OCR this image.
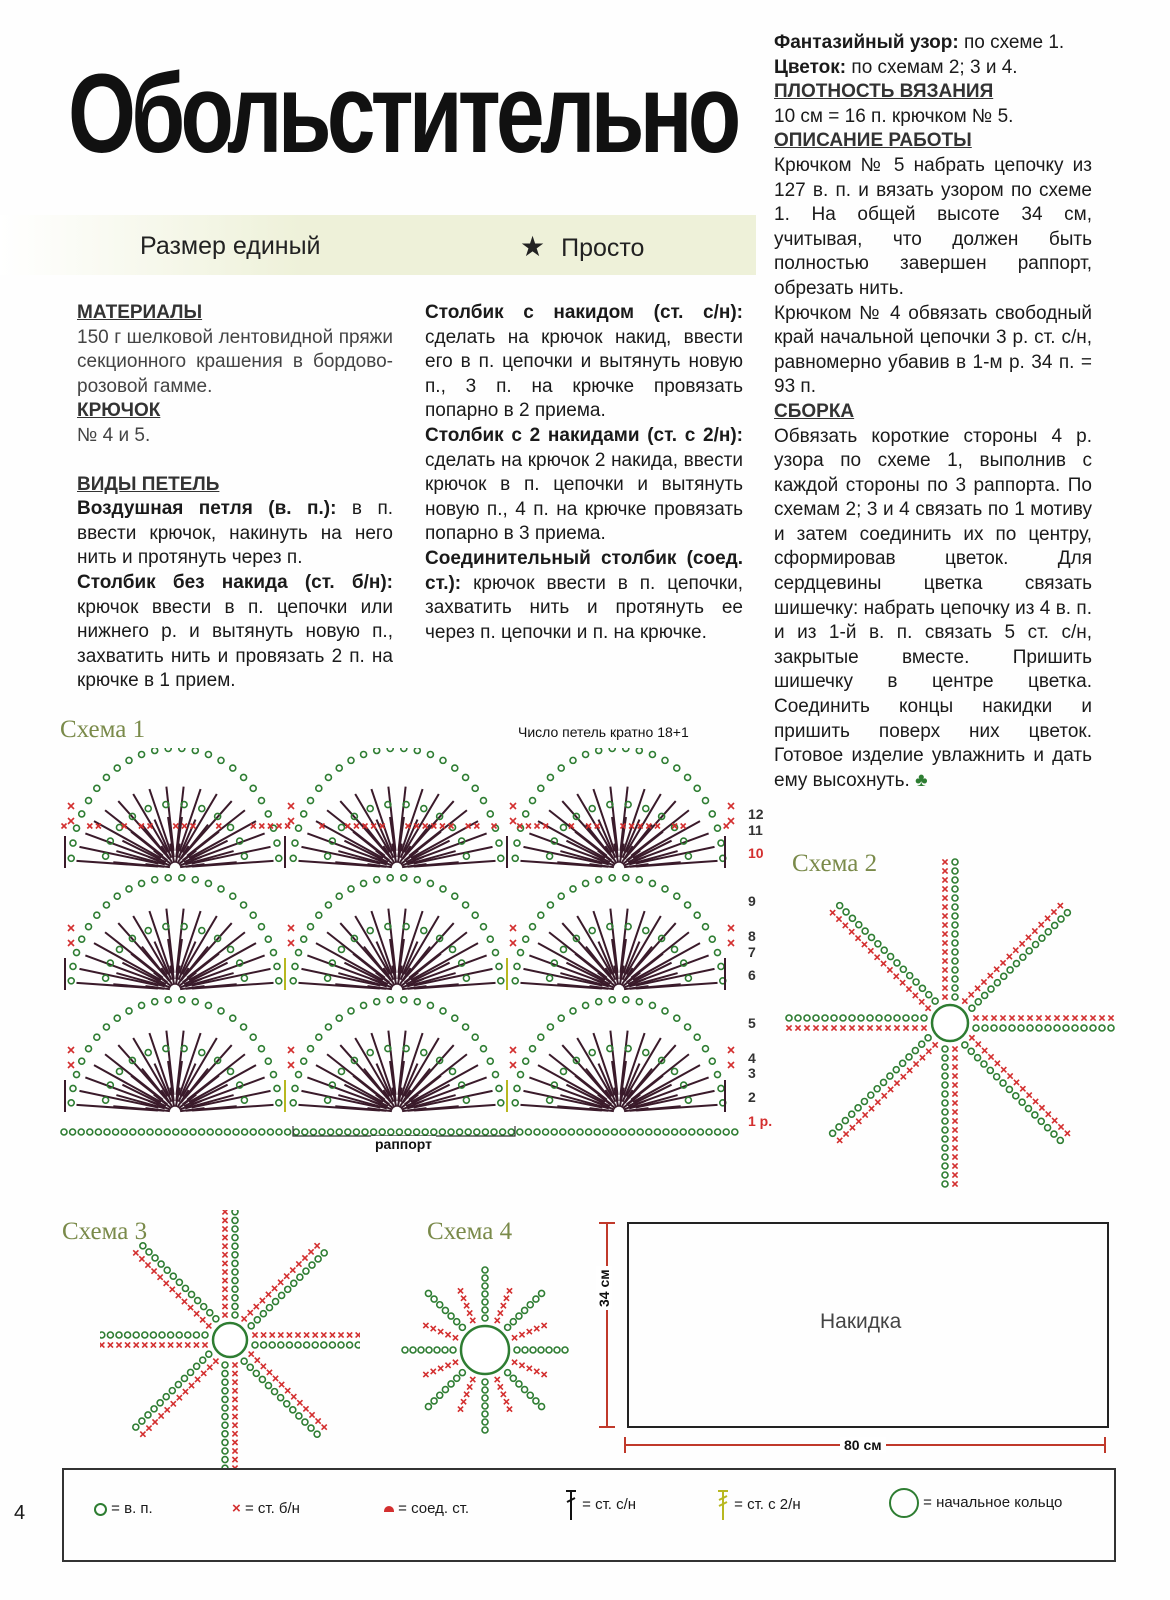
Обольстительно
Размер единый	★ Просто

МАТЕРИАЛЫ

150 г шелковой лентовидной пряжи секционного крашения в бордово-розовой гамме.

КРЮЧОК

№ 4 и 5.

ВИДЫ ПЕТЕЛЬ

Воздушная петля (в. п.): в п. ввести крючок, накинуть на него нить и протянуть через п.

Столбик без накида (ст. б/н): крючок ввести в п. цепочки или нижнего р. и вытянуть новую п., захватить нить и провязать 2 п. на крючке в 1 прием.

Столбик с накидом (ст. с/н): сделать на крючок накид, ввести его в п. цепочки и вытянуть новую п., 3 п. на крючке провязать попарно в 2 приема.

Столбик с 2 накидами (ст. с 2/н): сделать на крючок 2 накида, ввести крючок в п. цепочки и вытянуть новую п., 4 п. на крючке провязать попарно в 3 приема.

Соединительный столбик (соед. ст.): крючок ввести в п. цепочки, захватить нить и протянуть ее через п. цепочки и п. на крючке.

Фантазийный узор: по схеме 1.

Цветок: по схемам 2; 3 и 4.

ПЛОТНОСТЬ ВЯЗАНИЯ

10 см = 16 п. крючком № 5.

ОПИСАНИЕ РАБОТЫ

Крючком № 5 набрать цепочку из 127 в. п. и вязать узором по схеме 1. На общей высоте 34 см, учитывая, что должен быть полностью завершен раппорт, обрезать нить.

Крючком № 4 обвязать свободный край начальной цепочки 3 р. ст. с/н, равномерно убавив в 1-м р. 34 п. = 93 п.

СБОРКА

Обвязать короткие стороны 4 р. узора по схеме 1, выполнив с каждой стороны по 3 раппорта. По схемам 2; 3 и 4 связать по 1 мотиву и затем соединить их по центру, сформировав цветок. Для сердцевины цветка связать шишечку: набрать цепочку из 4 в. п. и из 1-й в. п. связать 5 ст. с/н, закрытые вместе. Пришить шишечку в центре цветка. Соединить концы накидки и пришить поверх них цветок. Готовое изделие увлажнить и дать ему высохнуть. ♣

Схема 1	Число петель кратно 18+1
12
11
10
9
8
7
6
5
4
3
2
1 р.
раппорт
Схема 2
Схема 3	Схема 4
Накидка
34 см
80 см
= в. п.	× = ст. б/н	= соед. ст.	= ст. с/н	= ст. с 2/н	= начальное кольцо
4
